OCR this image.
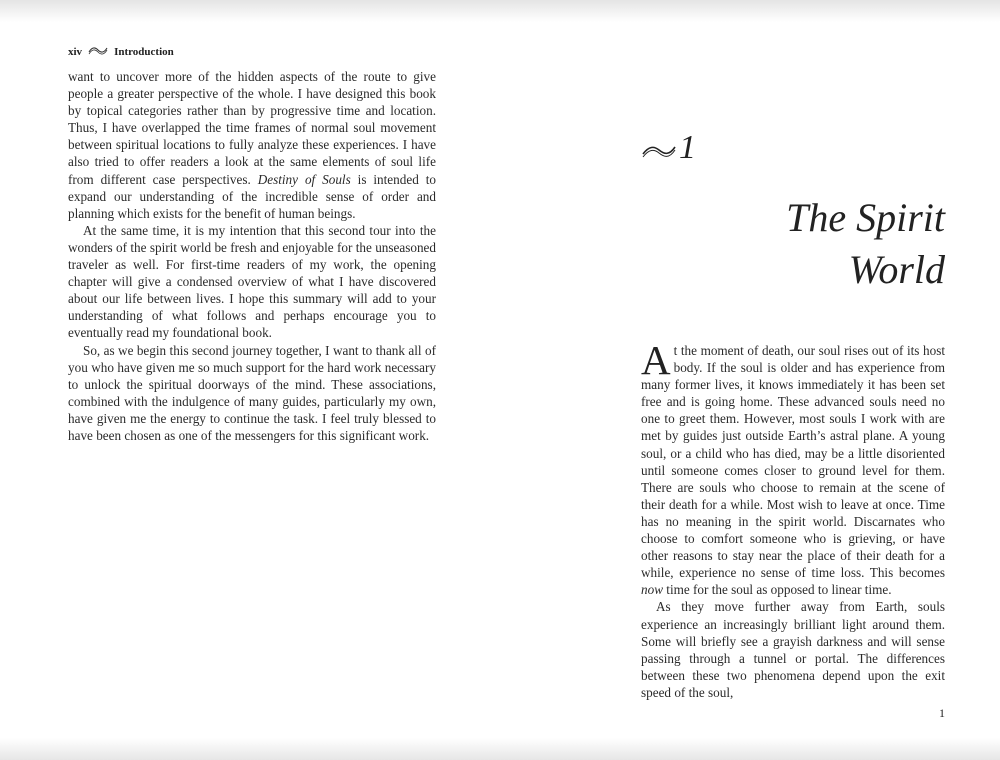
xiv	Introduction

want to uncover more of the hidden aspects of the route to give people a greater perspective of the whole. I have designed this book by topical categories rather than by progressive time and location. Thus, I have overlapped the time frames of normal soul movement between spiritual locations to fully analyze these experiences. I have also tried to offer readers a look at the same elements of soul life from different case perspectives. Destiny of Souls is intended to expand our understanding of the incredible sense of order and planning which exists for the benefit of human beings.

At the same time, it is my intention that this second tour into the wonders of the spirit world be fresh and enjoyable for the unseasoned traveler as well. For first-time readers of my work, the opening chapter will give a condensed overview of what I have discovered about our life between lives. I hope this summary will add to your understanding of what follows and perhaps encourage you to eventually read my foundational book.

So, as we begin this second journey together, I want to thank all of you who have given me so much support for the hard work necessary to unlock the spiritual doorways of the mind. These associations, combined with the indulgence of many guides, particularly my own, have given me the energy to continue the task. I feel truly blessed to have been chosen as one of the messengers for this significant work.

1
The Spirit
World

At the moment of death, our soul rises out of its host body. If the soul is older and has experience from many former lives, it knows immediately it has been set free and is going home. These advanced souls need no one to greet them. However, most souls I work with are met by guides just outside Earth’s astral plane. A young soul, or a child who has died, may be a little disoriented until someone comes closer to ground level for them. There are souls who choose to remain at the scene of their death for a while. Most wish to leave at once. Time has no meaning in the spirit world. Discarnates who choose to comfort someone who is grieving, or have other reasons to stay near the place of their death for a while, experience no sense of time loss. This becomes now time for the soul as opposed to linear time.

As they move further away from Earth, souls experience an increasingly brilliant light around them. Some will briefly see a grayish darkness and will sense passing through a tunnel or portal. The differences between these two phenomena depend upon the exit speed of the soul,

1
